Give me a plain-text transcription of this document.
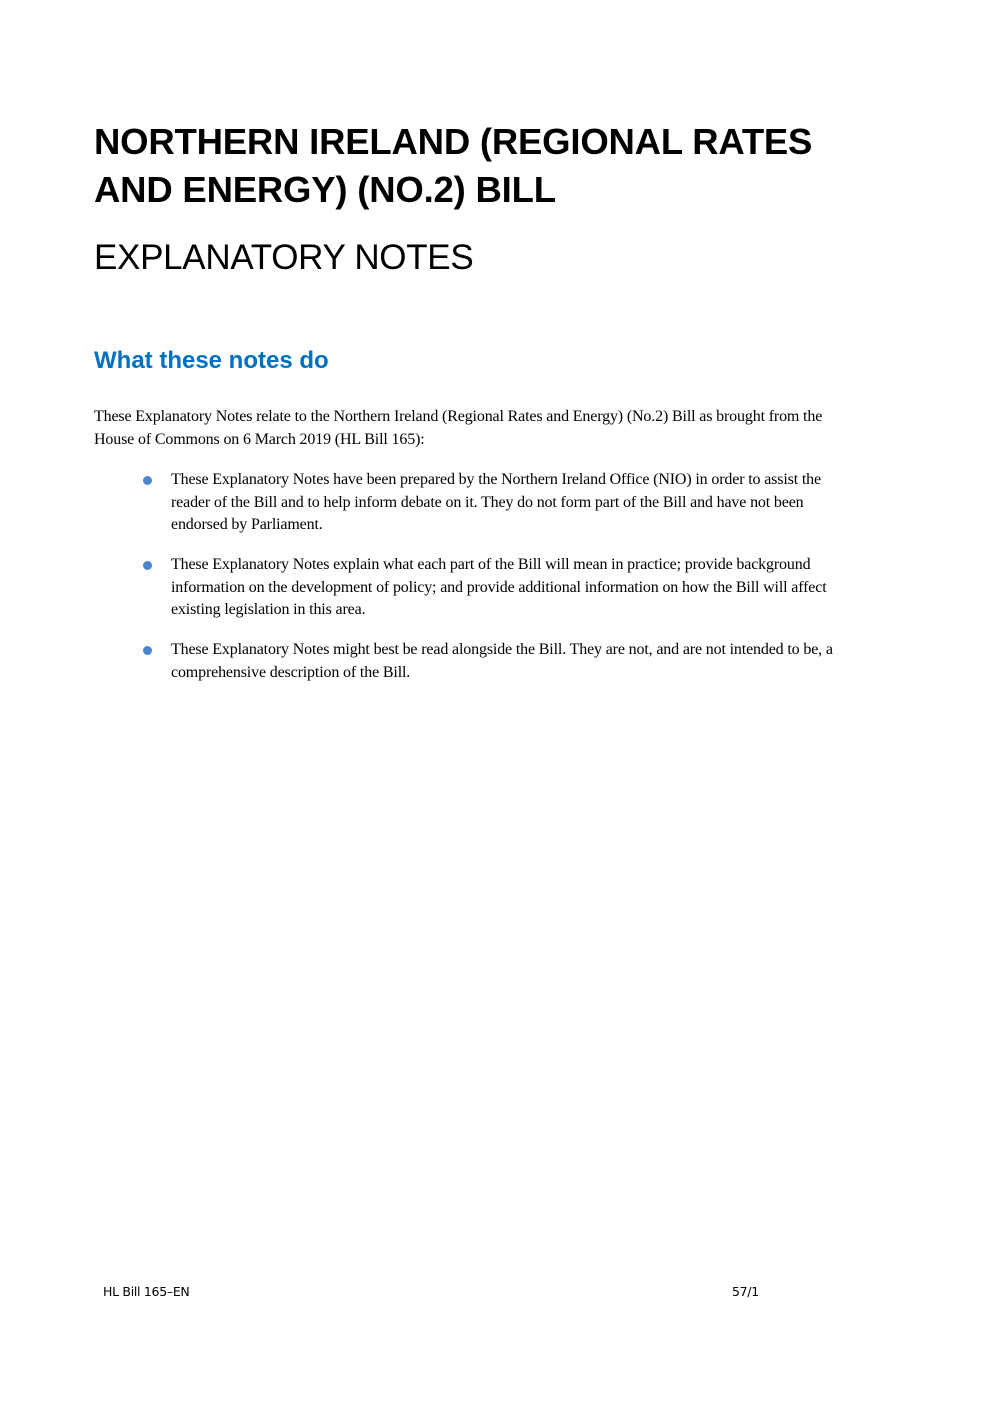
NORTHERN IRELAND (REGIONAL RATES
AND ENERGY) (NO.2) BILL
EXPLANATORY NOTES
What these notes do

These Explanatory Notes relate to the Northern Ireland (Regional Rates and Energy) (No.2) Bill as brought from the House of Commons on 6 March 2019 (HL Bill 165):

These Explanatory Notes have been prepared by the Northern Ireland Office (NIO) in order to assist the reader of the Bill and to help inform debate on it. They do not form part of the Bill and have not been endorsed by Parliament.
These Explanatory Notes explain what each part of the Bill will mean in practice; provide background information on the development of policy; and provide additional information on how the Bill will affect existing legislation in this area.
These Explanatory Notes might best be read alongside the Bill. They are not, and are not intended to be, a comprehensive description of the Bill.
HL Bill 165–EN	57/1
